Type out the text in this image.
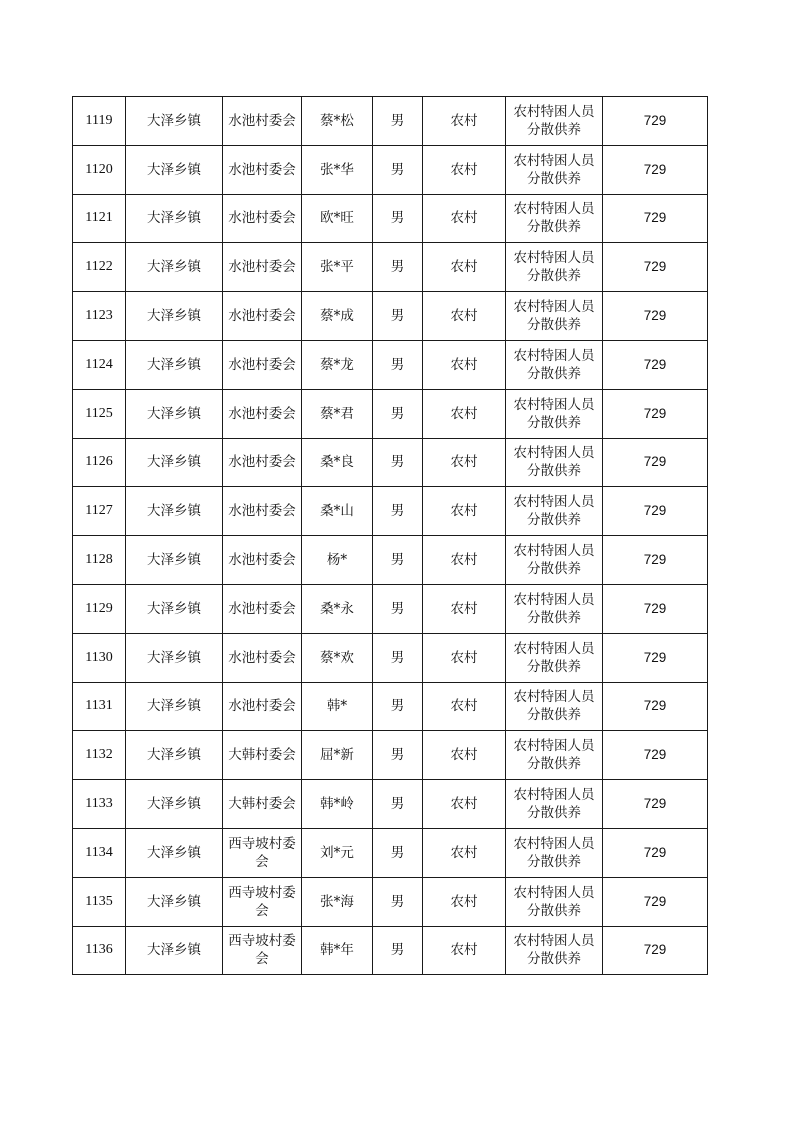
1119	大泽乡镇	水池村委会	蔡*松	男	农村	农村特困人员分散供养	729
1120	大泽乡镇	水池村委会	张*华	男	农村	农村特困人员分散供养	729
1121	大泽乡镇	水池村委会	欧*旺	男	农村	农村特困人员分散供养	729
1122	大泽乡镇	水池村委会	张*平	男	农村	农村特困人员分散供养	729
1123	大泽乡镇	水池村委会	蔡*成	男	农村	农村特困人员分散供养	729
1124	大泽乡镇	水池村委会	蔡*龙	男	农村	农村特困人员分散供养	729
1125	大泽乡镇	水池村委会	蔡*君	男	农村	农村特困人员分散供养	729
1126	大泽乡镇	水池村委会	桑*良	男	农村	农村特困人员分散供养	729
1127	大泽乡镇	水池村委会	桑*山	男	农村	农村特困人员分散供养	729
1128	大泽乡镇	水池村委会	杨*	男	农村	农村特困人员分散供养	729
1129	大泽乡镇	水池村委会	桑*永	男	农村	农村特困人员分散供养	729
1130	大泽乡镇	水池村委会	蔡*欢	男	农村	农村特困人员分散供养	729
1131	大泽乡镇	水池村委会	韩*	男	农村	农村特困人员分散供养	729
1132	大泽乡镇	大韩村委会	屈*新	男	农村	农村特困人员分散供养	729
1133	大泽乡镇	大韩村委会	韩*岭	男	农村	农村特困人员分散供养	729
1134	大泽乡镇	西寺坡村委会	刘*元	男	农村	农村特困人员分散供养	729
1135	大泽乡镇	西寺坡村委会	张*海	男	农村	农村特困人员分散供养	729
1136	大泽乡镇	西寺坡村委会	韩*年	男	农村	农村特困人员分散供养	729
